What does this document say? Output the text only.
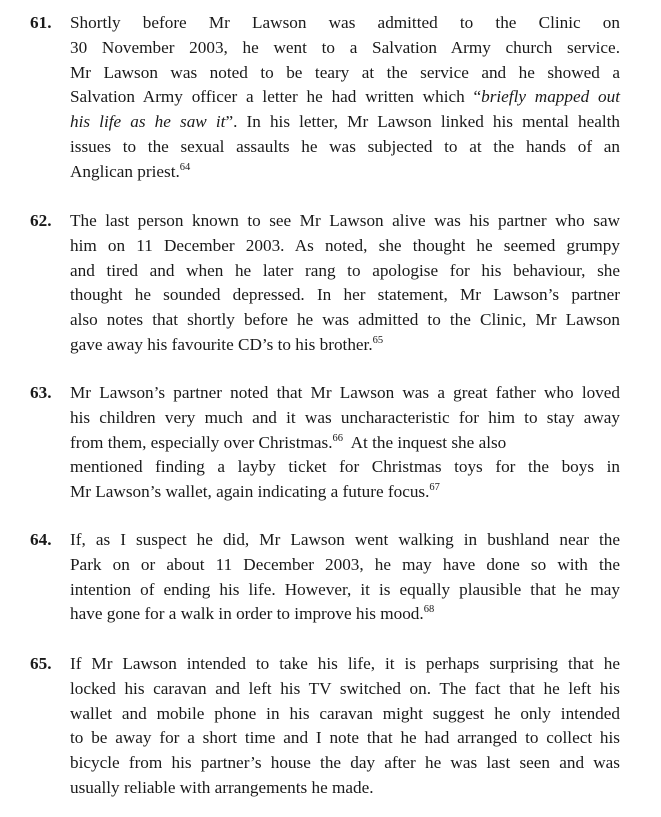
61. Shortly before Mr Lawson was admitted to the Clinic on
30 November 2003, he went to a Salvation Army church service.
Mr Lawson was noted to be teary at the service and he showed a
Salvation Army officer a letter he had written which “briefly mapped out
his life as he saw it”. In his letter, Mr Lawson linked his mental health
issues to the sexual assaults he was subjected to at the hands of an
Anglican priest.$^{64}$
62. The last person known to see Mr Lawson alive was his partner who saw
him on 11 December 2003. As noted, she thought he seemed grumpy
and tired and when he later rang to apologise for his behaviour, she
thought he sounded depressed. In her statement, Mr Lawson’s partner
also notes that shortly before he was admitted to the Clinic, Mr Lawson
gave away his favourite CD’s to his brother.$^{65}$
63. Mr Lawson’s partner noted that Mr Lawson was a great father who loved
his children very much and it was uncharacteristic for him to stay away
from them, especially over Christmas.$^{66}$  At the inquest she also
mentioned finding a layby ticket for Christmas toys for the boys in
Mr Lawson’s wallet, again indicating a future focus.$^{67}$
64. If, as I suspect he did, Mr Lawson went walking in bushland near the
Park on or about 11 December 2003, he may have done so with the
intention of ending his life. However, it is equally plausible that he may
have gone for a walk in order to improve his mood.$^{68}$
65. If Mr Lawson intended to take his life, it is perhaps surprising that he
locked his caravan and left his TV switched on. The fact that he left his
wallet and mobile phone in his caravan might suggest he only intended
to be away for a short time and I note that he had arranged to collect his
bicycle from his partner’s house the day after he was last seen and was
usually reliable with arrangements he made.
